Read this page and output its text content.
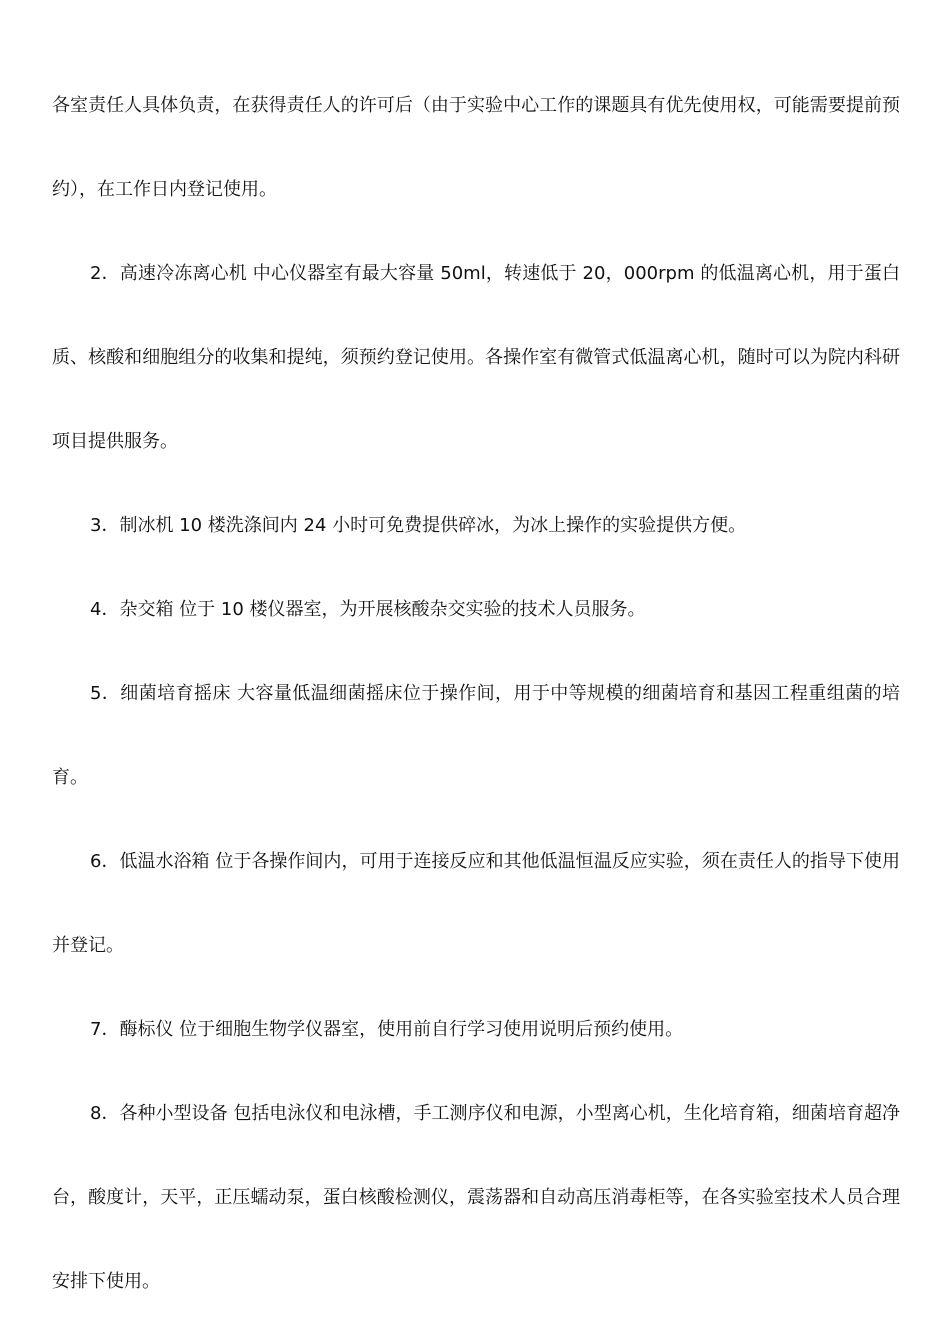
各室责任人具体负责，在获得责任人的许可后（由于实验中心工作的课题具有优先使用权，可能需要提前预约），在工作日内登记使用。

2．高速冷冻离心机 中心仪器室有最大容量 50ml，转速低于 20，000rpm 的低温离心机，用于蛋白质、核酸和细胞组分的收集和提纯，须预约登记使用。各操作室有微管式低温离心机，随时可以为院内科研项目提供服务。

3．制冰机 10 楼洗涤间内 24 小时可免费提供碎冰，为冰上操作的实验提供方便。

4．杂交箱 位于 10 楼仪器室，为开展核酸杂交实验的技术人员服务。

5．细菌培育摇床 大容量低温细菌摇床位于操作间，用于中等规模的细菌培育和基因工程重组菌的培育。

6．低温水浴箱 位于各操作间内，可用于连接反应和其他低温恒温反应实验，须在责任人的指导下使用并登记。

7．酶标仪 位于细胞生物学仪器室，使用前自行学习使用说明后预约使用。

8．各种小型设备 包括电泳仪和电泳槽，手工测序仪和电源，小型离心机，生化培育箱，细菌培育超净台，酸度计，天平，正压蠕动泵，蛋白核酸检测仪，震荡器和自动高压消毒柜等，在各实验室技术人员合理安排下使用。
